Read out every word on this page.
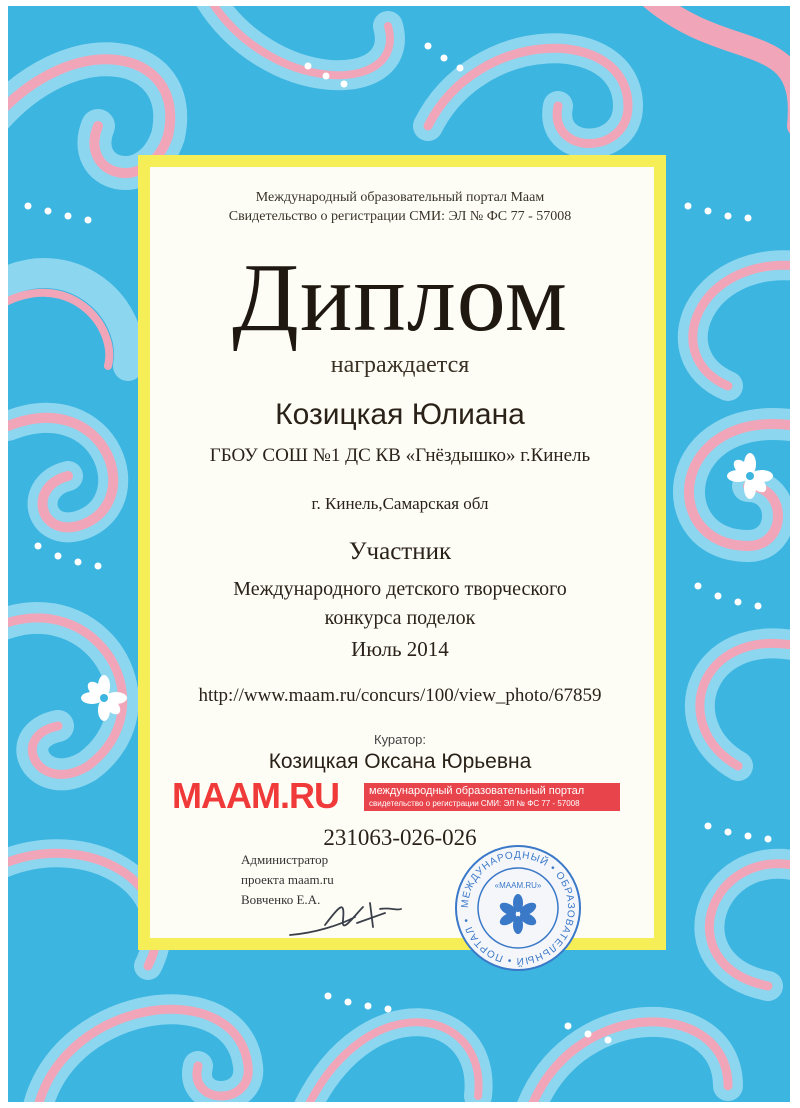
Международный образовательный портал Маам
Свидетельство о регистрации СМИ: ЭЛ № ФС 77 - 57008
Диплом
награждается
Козицкая Юлиана
ГБОУ СОШ №1 ДС КВ «Гнёздышко» г.Кинель
г. Кинель,Самарская обл
Участник
Международного детского творческого
конкурса поделок
Июль 2014
http://www.maam.ru/concurs/100/view_photo/67859
Куратор:
Козицкая Оксана Юрьевна
MAAM.RU	международный образовательный портал
свидетельство о регистрации СМИ: ЭЛ № ФС 77 - 57008
231063-026-026
Администратор
проекта maam.ru
Вовченко Е.А.	МЕЖДУНАРОДНЫЙ • ОБРАЗОВАТЕЛЬНЫЙ • ПОРТАЛ •
«МААМ.RU»
